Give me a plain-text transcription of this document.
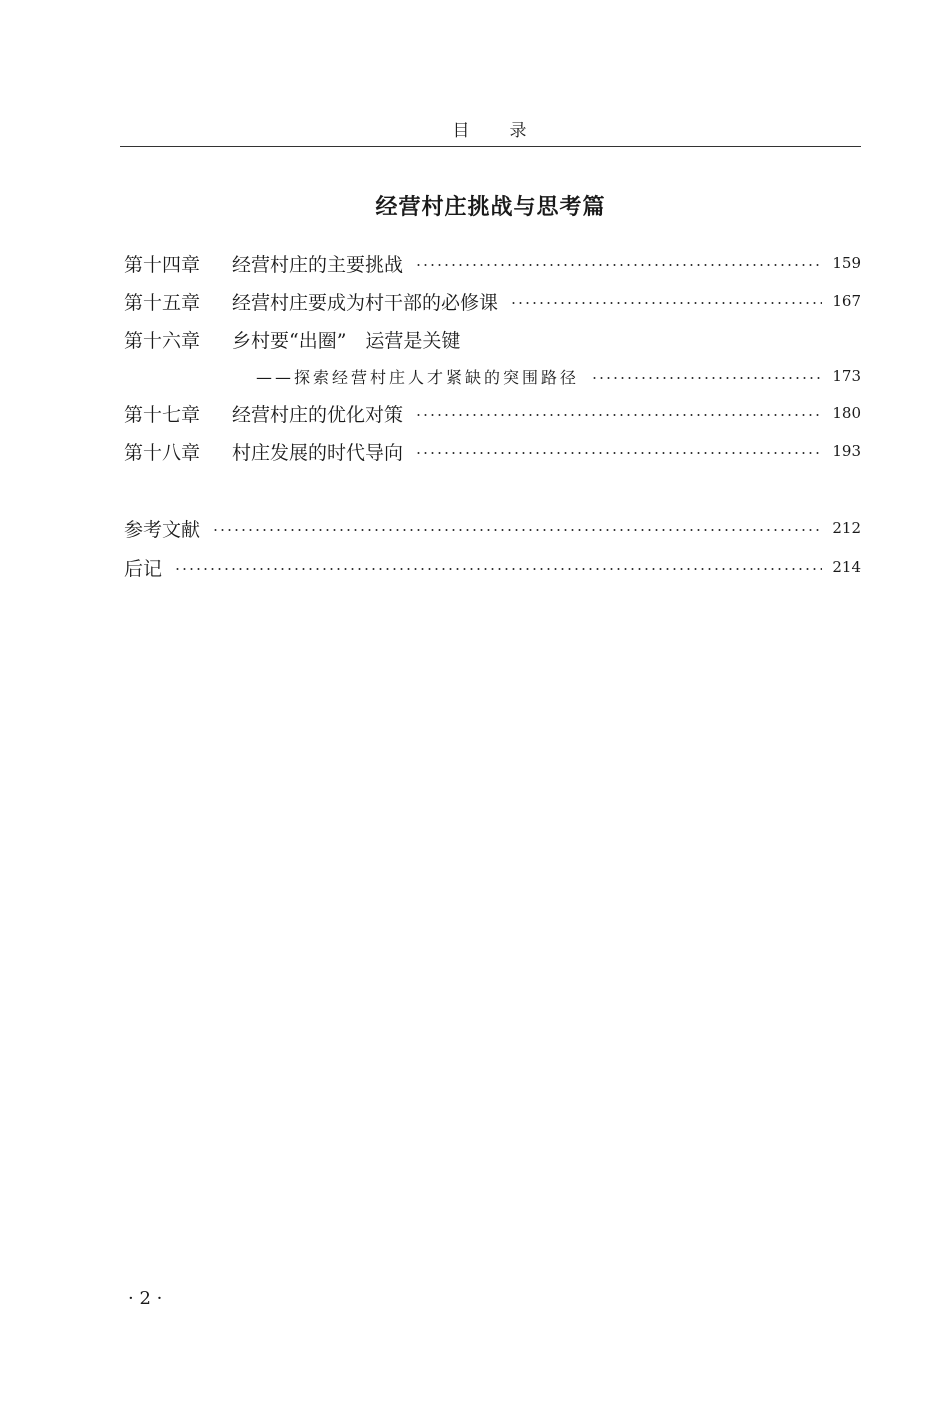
目 录
经营村庄挑战与思考篇
第十四章	经营村庄的主要挑战	159
第十五章	经营村庄要成为村干部的必修课	167
第十六章	乡村要“出圈”　运营是关键
——探索经营村庄人才紧缺的突围路径	173
第十七章	经营村庄的优化对策	180
第十八章	村庄发展的时代导向	193
参考文献	212
后记	214
· 2 ·
